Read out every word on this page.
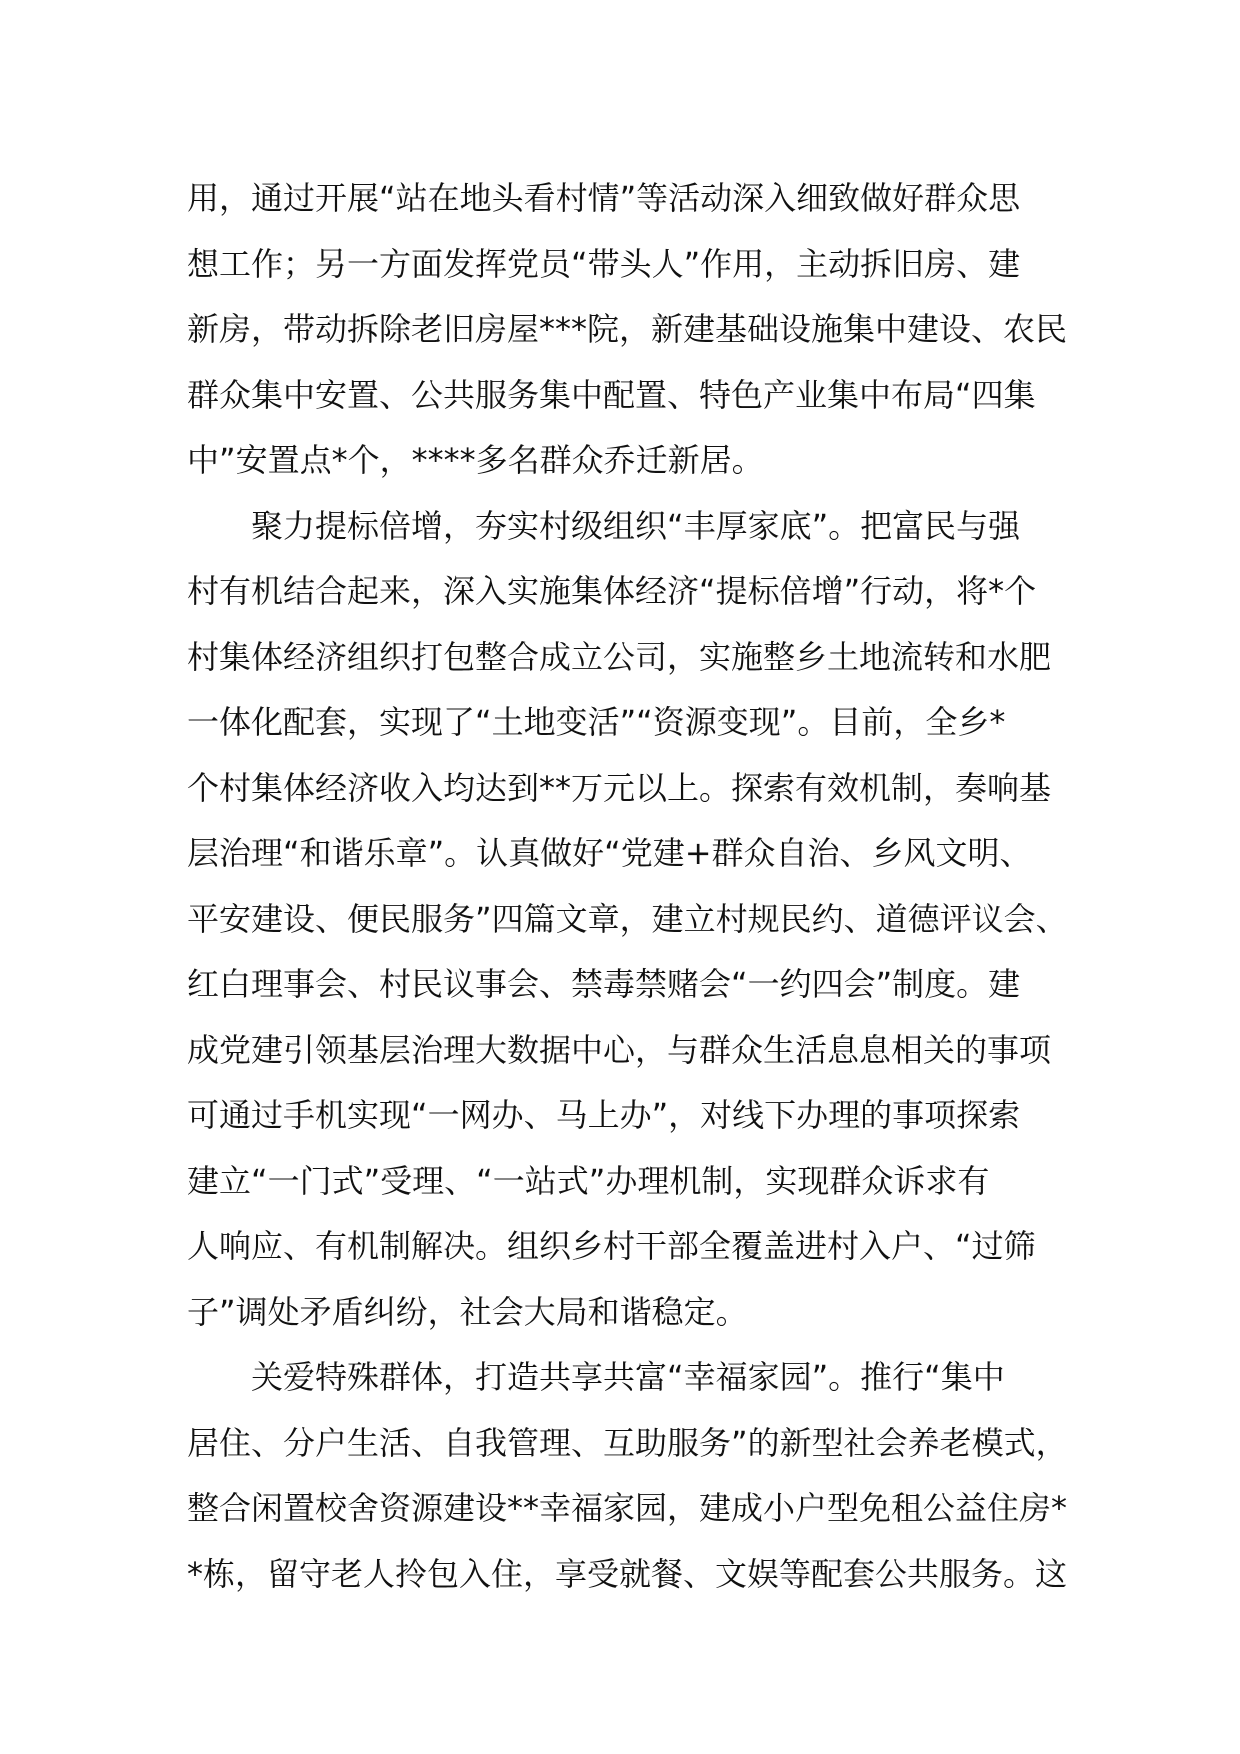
用，通过开展“站在地头看村情”等活动深入细致做好群众思
想工作；另一方面发挥党员“带头人”作用，主动拆旧房、建
新房，带动拆除老旧房屋***院，新建基础设施集中建设、农民
群众集中安置、公共服务集中配置、特色产业集中布局“四集
中”安置点*个，****多名群众乔迁新居。
聚力提标倍增，夯实村级组织“丰厚家底”。把富民与强
村有机结合起来，深入实施集体经济“提标倍增”行动，将*个
村集体经济组织打包整合成立公司，实施整乡土地流转和水肥
一体化配套，实现了“土地变活”“资源变现”。目前，全乡*
个村集体经济收入均达到**万元以上。探索有效机制，奏响基
层治理“和谐乐章”。认真做好“党建+群众自治、乡风文明、
平安建设、便民服务”四篇文章，建立村规民约、道德评议会、
红白理事会、村民议事会、禁毒禁赌会“一约四会”制度。建
成党建引领基层治理大数据中心，与群众生活息息相关的事项
可通过手机实现“一网办、马上办”，对线下办理的事项探索
建立“一门式”受理、“一站式”办理机制，实现群众诉求有
人响应、有机制解决。组织乡村干部全覆盖进村入户、“过筛
子”调处矛盾纠纷，社会大局和谐稳定。
关爱特殊群体，打造共享共富“幸福家园”。推行“集中
居住、分户生活、自我管理、互助服务”的新型社会养老模式，
整合闲置校舍资源建设**幸福家园，建成小户型免租公益住房*
*栋，留守老人拎包入住，享受就餐、文娱等配套公共服务。这
